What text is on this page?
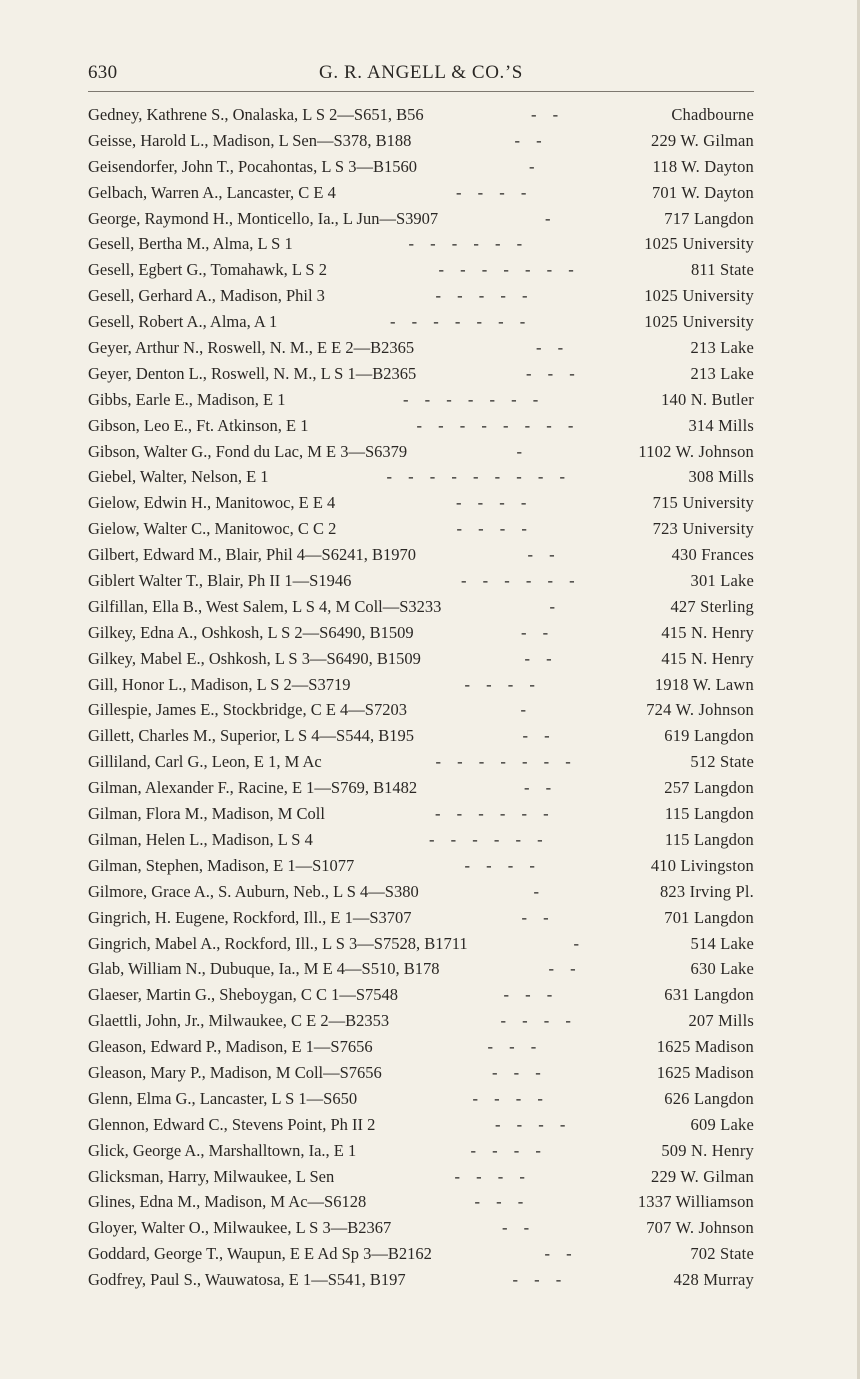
630	G. R. ANGELL & CO.’S
Gedney, Kathrene S., Onalaska, L S 2—S651, B56	- -	Chadbourne
Geisse, Harold L., Madison, L Sen—S378, B188	- -	229 W. Gilman
Geisendorfer, John T., Pocahontas, L S 3—B1560	-	118 W. Dayton
Gelbach, Warren A., Lancaster, C E 4	- - - -	701 W. Dayton
George, Raymond H., Monticello, Ia., L Jun—S3907	-	717 Langdon
Gesell, Bertha M., Alma, L S 1	- - - - - -	1025 University
Gesell, Egbert G., Tomahawk, L S 2	- - - - - - -	811 State
Gesell, Gerhard A., Madison, Phil 3	- - - - -	1025 University
Gesell, Robert A., Alma, A 1	- - - - - - -	1025 University
Geyer, Arthur N., Roswell, N. M., E E 2—B2365	- -	213 Lake
Geyer, Denton L., Roswell, N. M., L S 1—B2365	- - -	213 Lake
Gibbs, Earle E., Madison, E 1	- - - - - - -	140 N. Butler
Gibson, Leo E., Ft. Atkinson, E 1	- - - - - - - -	314 Mills
Gibson, Walter G., Fond du Lac, M E 3—S6379	-	1102 W. Johnson
Giebel, Walter, Nelson, E 1	- - - - - - - - -	308 Mills
Gielow, Edwin H., Manitowoc, E E 4	- - - -	715 University
Gielow, Walter C., Manitowoc, C C 2	- - - -	723 University
Gilbert, Edward M., Blair, Phil 4—S6241, B1970	- -	430 Frances
Giblert Walter T., Blair, Ph II 1—S1946	- - - - - -	301 Lake
Gilfillan, Ella B., West Salem, L S 4, M Coll—S3233	-	427 Sterling
Gilkey, Edna A., Oshkosh, L S 2—S6490, B1509	- -	415 N. Henry
Gilkey, Mabel E., Oshkosh, L S 3—S6490, B1509	- -	415 N. Henry
Gill, Honor L., Madison, L S 2—S3719	- - - -	1918 W. Lawn
Gillespie, James E., Stockbridge, C E 4—S7203	-	724 W. Johnson
Gillett, Charles M., Superior, L S 4—S544, B195	- -	619 Langdon
Gilliland, Carl G., Leon, E 1, M Ac	- - - - - - -	512 State
Gilman, Alexander F., Racine, E 1—S769, B1482	- -	257 Langdon
Gilman, Flora M., Madison, M Coll	- - - - - -	115 Langdon
Gilman, Helen L., Madison, L S 4	- - - - - -	115 Langdon
Gilman, Stephen, Madison, E 1—S1077	- - - -	410 Livingston
Gilmore, Grace A., S. Auburn, Neb., L S 4—S380	-	823 Irving Pl.
Gingrich, H. Eugene, Rockford, Ill., E 1—S3707	- -	701 Langdon
Gingrich, Mabel A., Rockford, Ill., L S 3—S7528, B1711	-	514 Lake
Glab, William N., Dubuque, Ia., M E 4—S510, B178	- -	630 Lake
Glaeser, Martin G., Sheboygan, C C 1—S7548	- - -	631 Langdon
Glaettli, John, Jr., Milwaukee, C E 2—B2353	- - - -	207 Mills
Gleason, Edward P., Madison, E 1—S7656	- - -	1625 Madison
Gleason, Mary P., Madison, M Coll—S7656	- - -	1625 Madison
Glenn, Elma G., Lancaster, L S 1—S650	- - - -	626 Langdon
Glennon, Edward C., Stevens Point, Ph II 2	- - - -	609 Lake
Glick, George A., Marshalltown, Ia., E 1	- - - -	509 N. Henry
Glicksman, Harry, Milwaukee, L Sen	- - - -	229 W. Gilman
Glines, Edna M., Madison, M Ac—S6128	- - -	1337 Williamson
Gloyer, Walter O., Milwaukee, L S 3—B2367	- -	707 W. Johnson
Goddard, George T., Waupun, E E Ad Sp 3—B2162	- -	702 State
Godfrey, Paul S., Wauwatosa, E 1—S541, B197	- - -	428 Murray
